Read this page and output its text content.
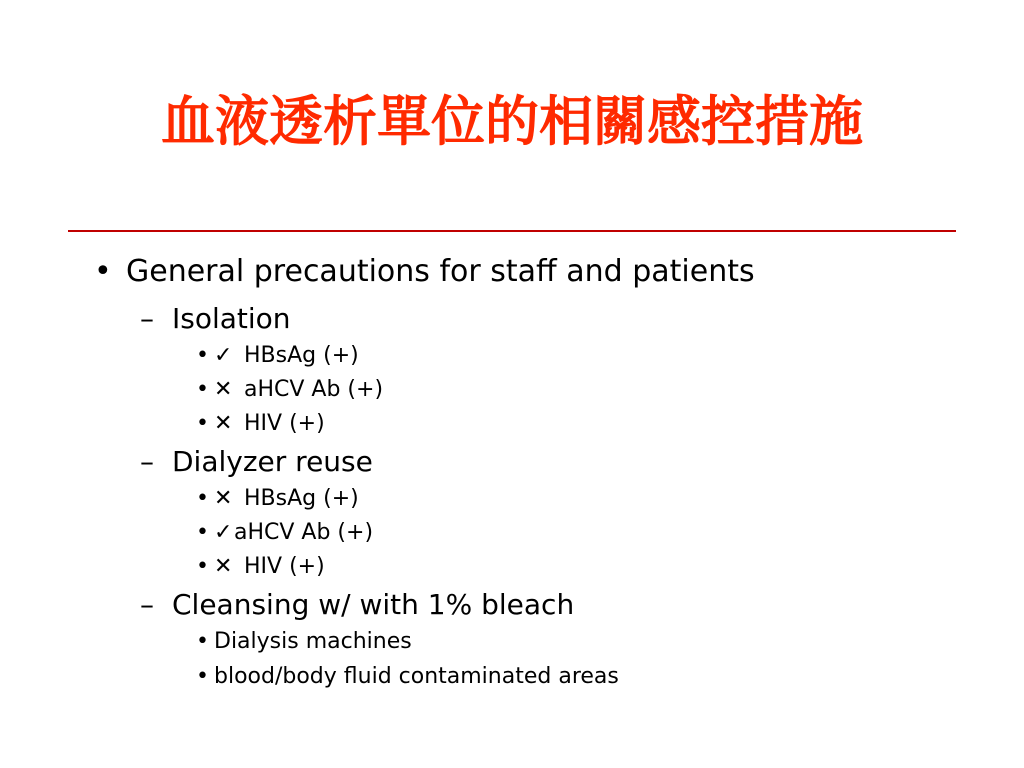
血液透析單位的相關感控措施
• General precautions for staff and patients
– Isolation
• ✓ HBsAg (+)
• ✕ aHCV Ab (+)
• ✕ HIV (+)
– Dialyzer reuse
• ✕ HBsAg (+)
• ✓aHCV Ab (+)
• ✕ HIV (+)
– Cleansing w/ with 1% bleach
• Dialysis machines
• blood/body fluid contaminated areas
